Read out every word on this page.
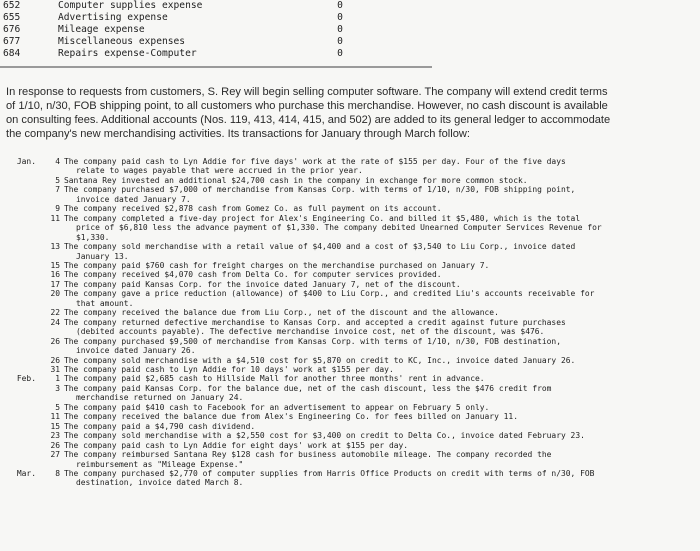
652	Computer supplies expense	0
655	Advertising expense	0
676	Mileage expense	0
677	Miscellaneous expenses	0
684	Repairs expense-Computer	0
In response to requests from customers, S. Rey will begin selling computer software. The company will extend credit terms
of 1/10, n/30, FOB shipping point, to all customers who purchase this merchandise. However, no cash discount is available
on consulting fees. Additional accounts (Nos. 119, 413, 414, 415, and 502) are added to its general ledger to accommodate
the company's new merchandising activities. Its transactions for January through March follow:
Jan.	4 The company paid cash to Lyn Addie for five days' work at the rate of $155 per day. Four of the five days
relate to wages payable that were accrued in the prior year.
5 Santana Rey invested an additional $24,700 cash in the company in exchange for more common stock.
7 The company purchased $7,000 of merchandise from Kansas Corp. with terms of 1/10, n/30, FOB shipping point,
invoice dated January 7.
9 The company received $2,878 cash from Gomez Co. as full payment on its account.
11 The company completed a five-day project for Alex's Engineering Co. and billed it $5,480, which is the total
price of $6,810 less the advance payment of $1,330. The company debited Unearned Computer Services Revenue for
$1,330.
13 The company sold merchandise with a retail value of $4,400 and a cost of $3,540 to Liu Corp., invoice dated
January 13.
15 The company paid $760 cash for freight charges on the merchandise purchased on January 7.
16 The company received $4,070 cash from Delta Co. for computer services provided.
17 The company paid Kansas Corp. for the invoice dated January 7, net of the discount.
20 The company gave a price reduction (allowance) of $400 to Liu Corp., and credited Liu's accounts receivable for
that amount.
22 The company received the balance due from Liu Corp., net of the discount and the allowance.
24 The company returned defective merchandise to Kansas Corp. and accepted a credit against future purchases
(debited accounts payable). The defective merchandise invoice cost, net of the discount, was $476.
26 The company purchased $9,500 of merchandise from Kansas Corp. with terms of 1/10, n/30, FOB destination,
invoice dated January 26.
26 The company sold merchandise with a $4,510 cost for $5,870 on credit to KC, Inc., invoice dated January 26.
31 The company paid cash to Lyn Addie for 10 days' work at $155 per day.
Feb.	1 The company paid $2,685 cash to Hillside Mall for another three months' rent in advance.
3 The company paid Kansas Corp. for the balance due, net of the cash discount, less the $476 credit from
merchandise returned on January 24.
5 The company paid $410 cash to Facebook for an advertisement to appear on February 5 only.
11 The company received the balance due from Alex's Engineering Co. for fees billed on January 11.
15 The company paid a $4,790 cash dividend.
23 The company sold merchandise with a $2,550 cost for $3,400 on credit to Delta Co., invoice dated February 23.
26 The company paid cash to Lyn Addie for eight days' work at $155 per day.
27 The company reimbursed Santana Rey $128 cash for business automobile mileage. The company recorded the
reimbursement as "Mileage Expense."
Mar.	8 The company purchased $2,770 of computer supplies from Harris Office Products on credit with terms of n/30, FOB
destination, invoice dated March 8.
